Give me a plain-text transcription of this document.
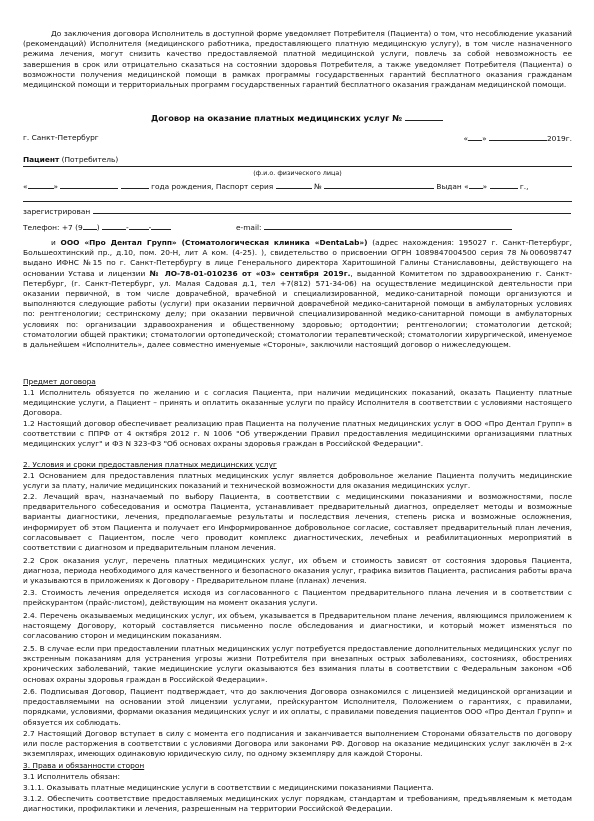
До заключения договора Исполнитель в доступной форме уведомляет Потребителя (Пациента) о том, что несоблюдение указаний (рекомендаций) Исполнителя (медицинского работника, предоставляющего платную медицинскую услугу), в том числе назначенного режима лечения, могут снизить качество предоставляемой платной медицинской услуги, повлечь за собой невозможность ее завершения в срок или отрицательно сказаться на состоянии здоровья Потребителя, а также уведомляет Потребителя (Пациента) о возможности получения медицинской помощи в рамках программы государственных гарантий бесплатного оказания гражданам медицинской помощи и территориальных программ государственных гарантий бесплатного оказания гражданам медицинской помощи.

Договор на оказание платных медицинских услуг №
г. Санкт-Петербург	« »	2019г.
Пациент (Потребитель)
(ф.и.о. физического лица)
«	»	года рождения, Паспорт серия	№	Выдан « »	г.,
зарегистрирован
Телефон: +7 (9 )	-	-	e-mail:

и ООО «Про Дентал Групп» (Стоматологическая клиника «DentaLab») (адрес нахождения: 195027 г. Санкт-Петербург, Большеохтинский пр., д.10, пом. 20-Н, лит А ком. (4-25). ), свидетельство о присвоении ОГРН 1089847004500 серия 78 №006098747 выдано ИФНС №15 по г. Санкт-Петербургу в лице Генерального директора Харитошиной Галины Станиславовны, действующего на основании Устава и лицензии № ЛО-78-01-010236 от «03» сентября 2019г., выданной Комитетом по здравоохранению г. Санкт-Петербург, (г. Санкт-Петербург, ул. Малая Садовая д.1, тел +7(812) 571-34-06) на осуществление медицинской деятельности при оказании первичной, в том числе доврачебной, врачебной и специализированной, медико-санитарной помощи организуются и выполняются следующие работы (услуги) при оказании первичной доврачебной медико-санитарной помощи в амбулаторных условиях по: рентгенологии; сестринскому делу; при оказании первичной специализированной медико-санитарной помощи в амбулаторных условиях по: организации здравоохранения и общественному здоровью; ортодонтии; рентгенологии; стоматологии детской; стоматологии общей практики; стоматологии ортопедической; стоматологии терапевтической; стоматологии хирургической, именуемое в дальнейшем «Исполнитель», далее совместно именуемые «Стороны», заключили настоящий договор о нижеследующем.

Предмет договора

1.1 Исполнитель обязуется по желанию и с согласия Пациента, при наличии медицинских показаний, оказать Пациенту платные медицинские услуги, а Пациент – принять и оплатить оказанные услуги по прайсу Исполнителя в соответствии с условиями настоящего Договора.

1.2 Настоящий договор обеспечивает реализацию прав Пациента на получение платных медицинских услуг в ООО «Про Дентал Групп» в соответствии с ППРФ от 4 октября 2012 г. N 1006 "Об утверждении Правил предоставления медицинскими организациями платных медицинских услуг" и ФЗ N 323-ФЗ "Об основах охраны здоровья граждан в Российской Федерации".

2. Условия и сроки предоставления платных медицинских услуг

2.1 Основанием для предоставления платных медицинских услуг является добровольное желание Пациента получить медицинские услуги за плату, наличие медицинских показаний и технической возможности для оказания медицинских услуг.

2.2. Лечащий врач, назначаемый по выбору Пациента, в соответствии с медицинскими показаниями и возможностями, после предварительного собеседования и осмотра Пациента, устанавливает предварительный диагноз, определяет методы и возможные варианты диагностики, лечения, предполагаемые результаты и последствия лечения, степень риска и возможные осложнения, информирует об этом Пациента и получает его Информированное добровольное согласие, составляет предварительный план лечения, согласовывает с Пациентом, после чего проводит комплекс диагностических, лечебных и реабилитационных мероприятий в соответствии с диагнозом и предварительным планом лечения.

2.2 Срок оказания услуг, перечень платных медицинских услуг, их объем и стоимость зависят от состояния здоровья Пациента, диагноза, периода необходимого для качественного и безопасного оказания услуг, графика визитов Пациента, расписания работы врача и указываются в приложениях к Договору - Предварительном плане (планах) лечения.

2.3. Стоимость лечения определяется исходя из согласованного с Пациентом предварительного плана лечения и в соответствии с прейскурантом (прайс-листом), действующим на момент оказания услуги.

2.4. Перечень оказываемых медицинских услуг, их объем, указывается в Предварительном плане лечения, являющимся приложением к настоящему Договору, который составляется письменно после обследования и диагностики, и который может изменяться по согласованию сторон и медицинским показаниям.

2.5. В случае если при предоставлении платных медицинских услуг потребуется предоставление дополнительных медицинских услуг по экстренным показаниям для устранения угрозы жизни Потребителя при внезапных острых заболеваниях, состояниях, обострениях хронических заболеваний, такие медицинские услуги оказываются без взимания платы в соответствии с Федеральным законом «Об основах охраны здоровья граждан в Российской Федерации».

2.6. Подписывая Договор, Пациент подтверждает, что до заключения Договора ознакомился с лицензией медицинской организации и предоставляемыми на основании этой лицензии услугами, прейскурантом Исполнителя, Положением о гарантиях, с правилами, порядками, условиями, формами оказания медицинских услуг и их оплаты, с правилами поведения пациентов ООО «Про Дентал Групп» и обязуется их соблюдать.

2.7 Настоящий Договор вступает в силу с момента его подписания и заканчивается выполнением Сторонами обязательств по договору или после расторжения в соответствии с условиями Договора или законами РФ. Договор на оказание медицинских услуг заключён в 2-х экземплярах, имеющих одинаковую юридическую силу, по одному экземпляру для каждой Стороны.

3. Права и обязанности сторон

3.1 Исполнитель обязан:

3.1.1. Оказывать платные медицинские услуги в соответствии с медицинскими показаниями Пациента.

3.1.2. Обеспечить соответствие предоставляемых медицинских услуг порядкам, стандартам и требованиям, предъявляемым к методам диагностики, профилактики и лечения, разрешенным на территории Российской Федерации.
